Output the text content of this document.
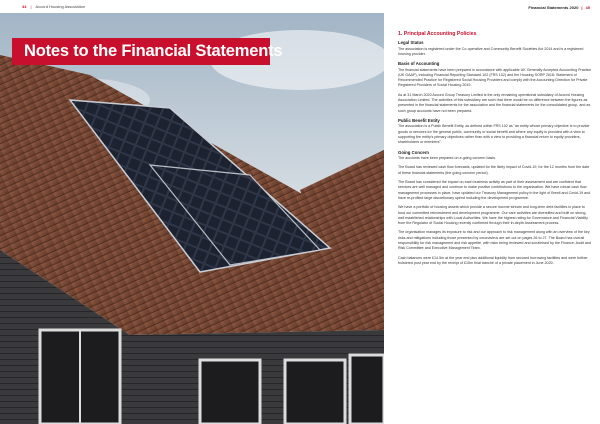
44 | Accord Housing Association
Notes to the Financial Statements
Financial Statements 2020 | 45
1. Principal Accounting Policies
Legal Status

The association is registered under the Co-operative and Community Benefit Societies Act 2014 and is a registered housing provider.

Basis of Accounting

The financial statements have been prepared in accordance with applicable UK Generally Accepted Accounting Practice (UK GAAP), including Financial Reporting Standard 102 (FRS 102) and the Housing SORP 2018: Statement of Recommended Practice for Registered Social Housing Providers and comply with the Accounting Direction for Private Registered Providers of Social Housing 2019.

As at 31 March 2020 Accord Group Treasury Limited is the only remaining operational subsidiary of Accord Housing Association Limited. The activities of this subsidiary are such that there would be no difference between the figures as presented in the financial statements for the association and the financial statements for the consolidated group, and as such group accounts have not been prepared.

Public Benefit Entity

The association is a Public Benefit Entity, as defined within FRS 102 as "an entity whose primary objective is to provide goods or services for the general public, community or social benefit and where any equity is provided with a view to supporting the entity's primary objectives rather than with a view to providing a financial return to equity providers, shareholders or members".

Going Concern

The accounts have been prepared on a going concern basis.

The Board has reviewed cash flow forecasts, updated for the likely impact of Covid-19, for the 12 months from the date of these financial statements (the going concern period).

The Board has considered the impact on each business activity as part of their assessment and are confident that services are well managed and continue to make positive contributions to the organisation. We have robust cash flow management processes in place, have updated our Treasury Management policy in the light of Brexit and Covid-19 and have re-profiled large discretionary spend including the development programme.

We have a portfolio of housing assets which provide a secure income stream and long-term debt facilities in place to fund our committed reinvestment and development programme. Our care activities are diversified and built on strong, well established relationships with Local Authorities. We have the highest rating for Governance and Financial Viability from the Regulator of Social Housing recently confirmed through their in-depth Assessment process.

The organisation manages its exposure to risk and our approach to risk management along with an overview of the key risks and mitigations including those presented by coronavirus are set out on pages 26 to 27. The Board has overall responsibility for risk management and risk appetite, with risks being reviewed and scrutinised by the Finance, Audit and Risk Committee and Executive Management Team.

Cash balances were £14.5m at the year end plus additional liquidity from secured borrowing facilities and were further bolstered post year end by the receipt of £15m final tranche of a private placement in June 2020.
